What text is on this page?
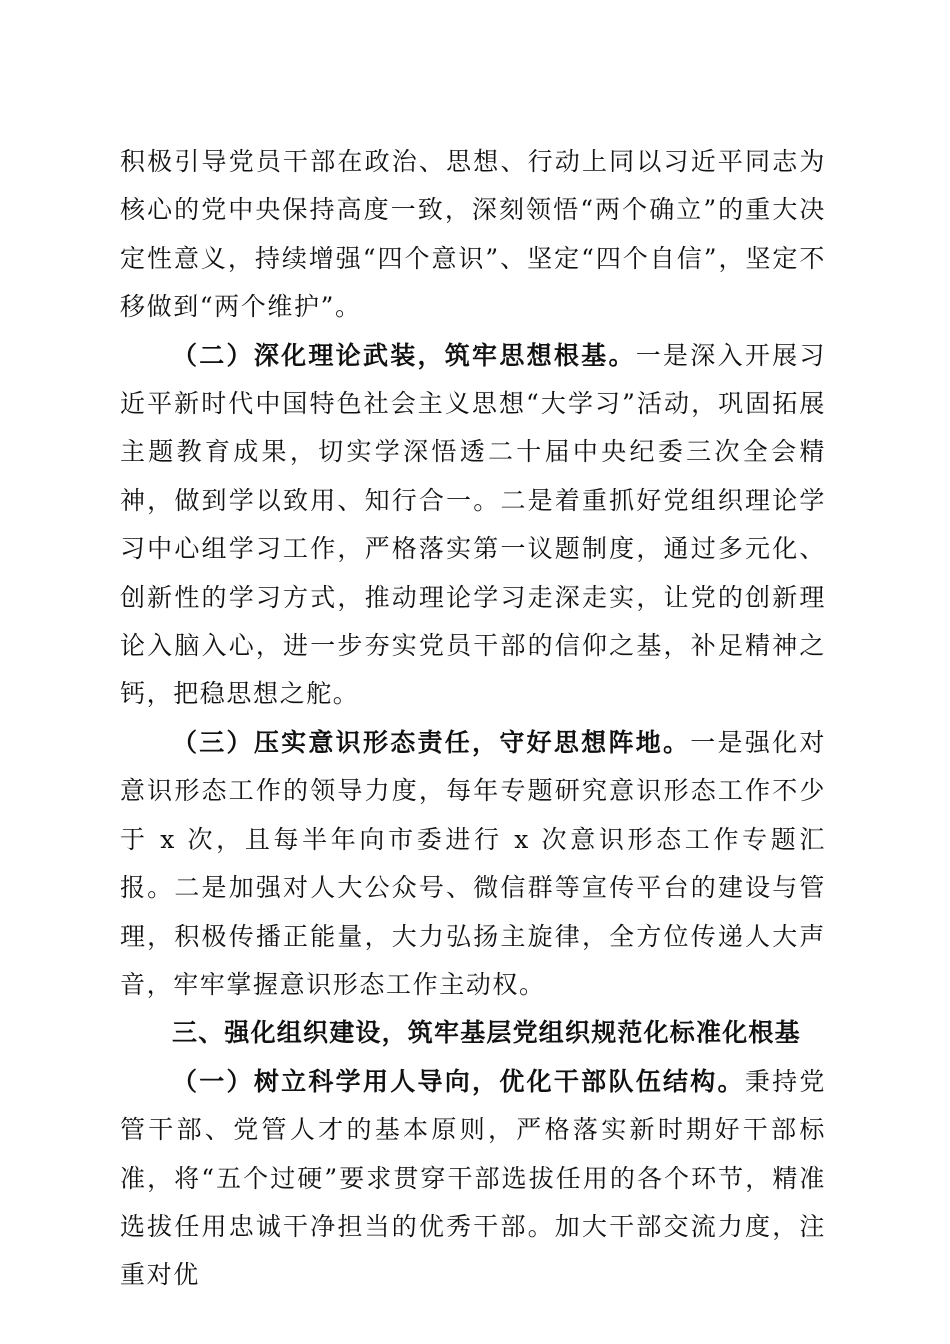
积极引导党员干部在政治、思想、行动上同以习近平同志为核心的党中央保持高度一致，深刻领悟“两个确立”的重大决定性意义，持续增强“四个意识”、坚定“四个自信”，坚定不移做到“两个维护”。

（二）深化理论武装，筑牢思想根基。一是深入开展习近平新时代中国特色社会主义思想“大学习”活动，巩固拓展主题教育成果，切实学深悟透二十届中央纪委三次全会精神，做到学以致用、知行合一。二是着重抓好党组织理论学习中心组学习工作，严格落实第一议题制度，通过多元化、创新性的学习方式，推动理论学习走深走实，让党的创新理论入脑入心，进一步夯实党员干部的信仰之基，补足精神之钙，把稳思想之舵。

（三）压实意识形态责任，守好思想阵地。一是强化对意识形态工作的领导力度，每年专题研究意识形态工作不少于 x 次，且每半年向市委进行 x 次意识形态工作专题汇报。二是加强对人大公众号、微信群等宣传平台的建设与管理，积极传播正能量，大力弘扬主旋律，全方位传递人大声音，牢牢掌握意识形态工作主动权。

三、强化组织建设，筑牢基层党组织规范化标准化根基

（一）树立科学用人导向，优化干部队伍结构。秉持党管干部、党管人才的基本原则，严格落实新时期好干部标准，将“五个过硬”要求贯穿干部选拔任用的各个环节，精准选拔任用忠诚干净担当的优秀干部。加大干部交流力度，注重对优
